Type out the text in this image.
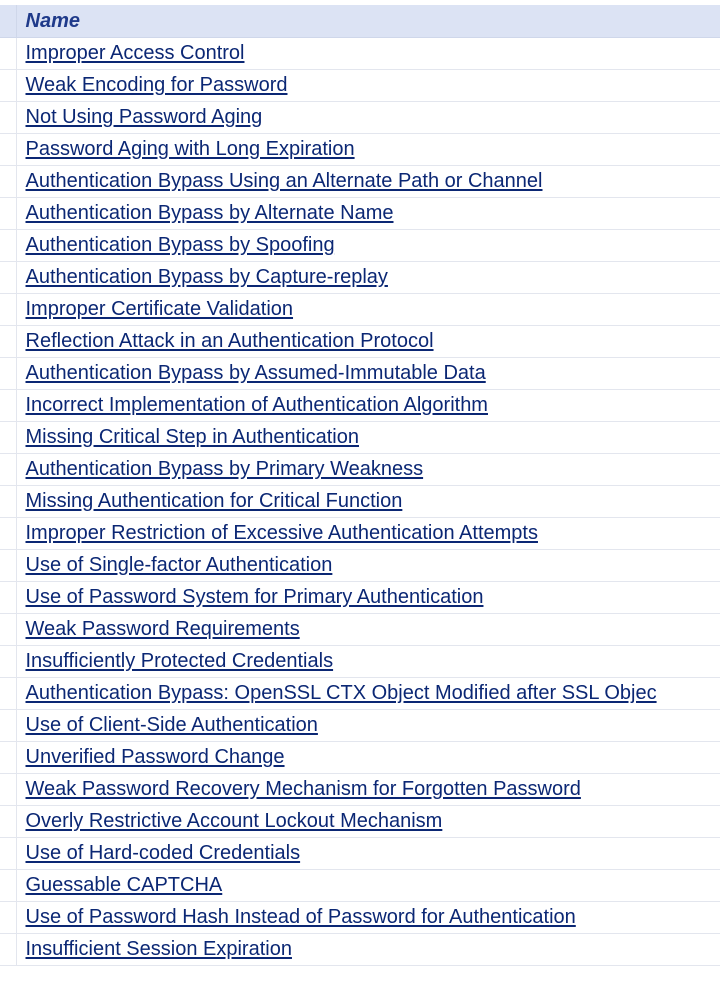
	Name

	Improper Access Control
	Weak Encoding for Password
	Not Using Password Aging
	Password Aging with Long Expiration
	Authentication Bypass Using an Alternate Path or Channel
	Authentication Bypass by Alternate Name
	Authentication Bypass by Spoofing
	Authentication Bypass by Capture-replay
	Improper Certificate Validation
	Reflection Attack in an Authentication Protocol
	Authentication Bypass by Assumed-Immutable Data
	Incorrect Implementation of Authentication Algorithm
	Missing Critical Step in Authentication
	Authentication Bypass by Primary Weakness
	Missing Authentication for Critical Function
	Improper Restriction of Excessive Authentication Attempts
	Use of Single-factor Authentication
	Use of Password System for Primary Authentication
	Weak Password Requirements
	Insufficiently Protected Credentials
	Authentication Bypass: OpenSSL CTX Object Modified after SSL Objec
	Use of Client-Side Authentication
	Unverified Password Change
	Weak Password Recovery Mechanism for Forgotten Password
	Overly Restrictive Account Lockout Mechanism
	Use of Hard-coded Credentials
	Guessable CAPTCHA
	Use of Password Hash Instead of Password for Authentication
	Insufficient Session Expiration
